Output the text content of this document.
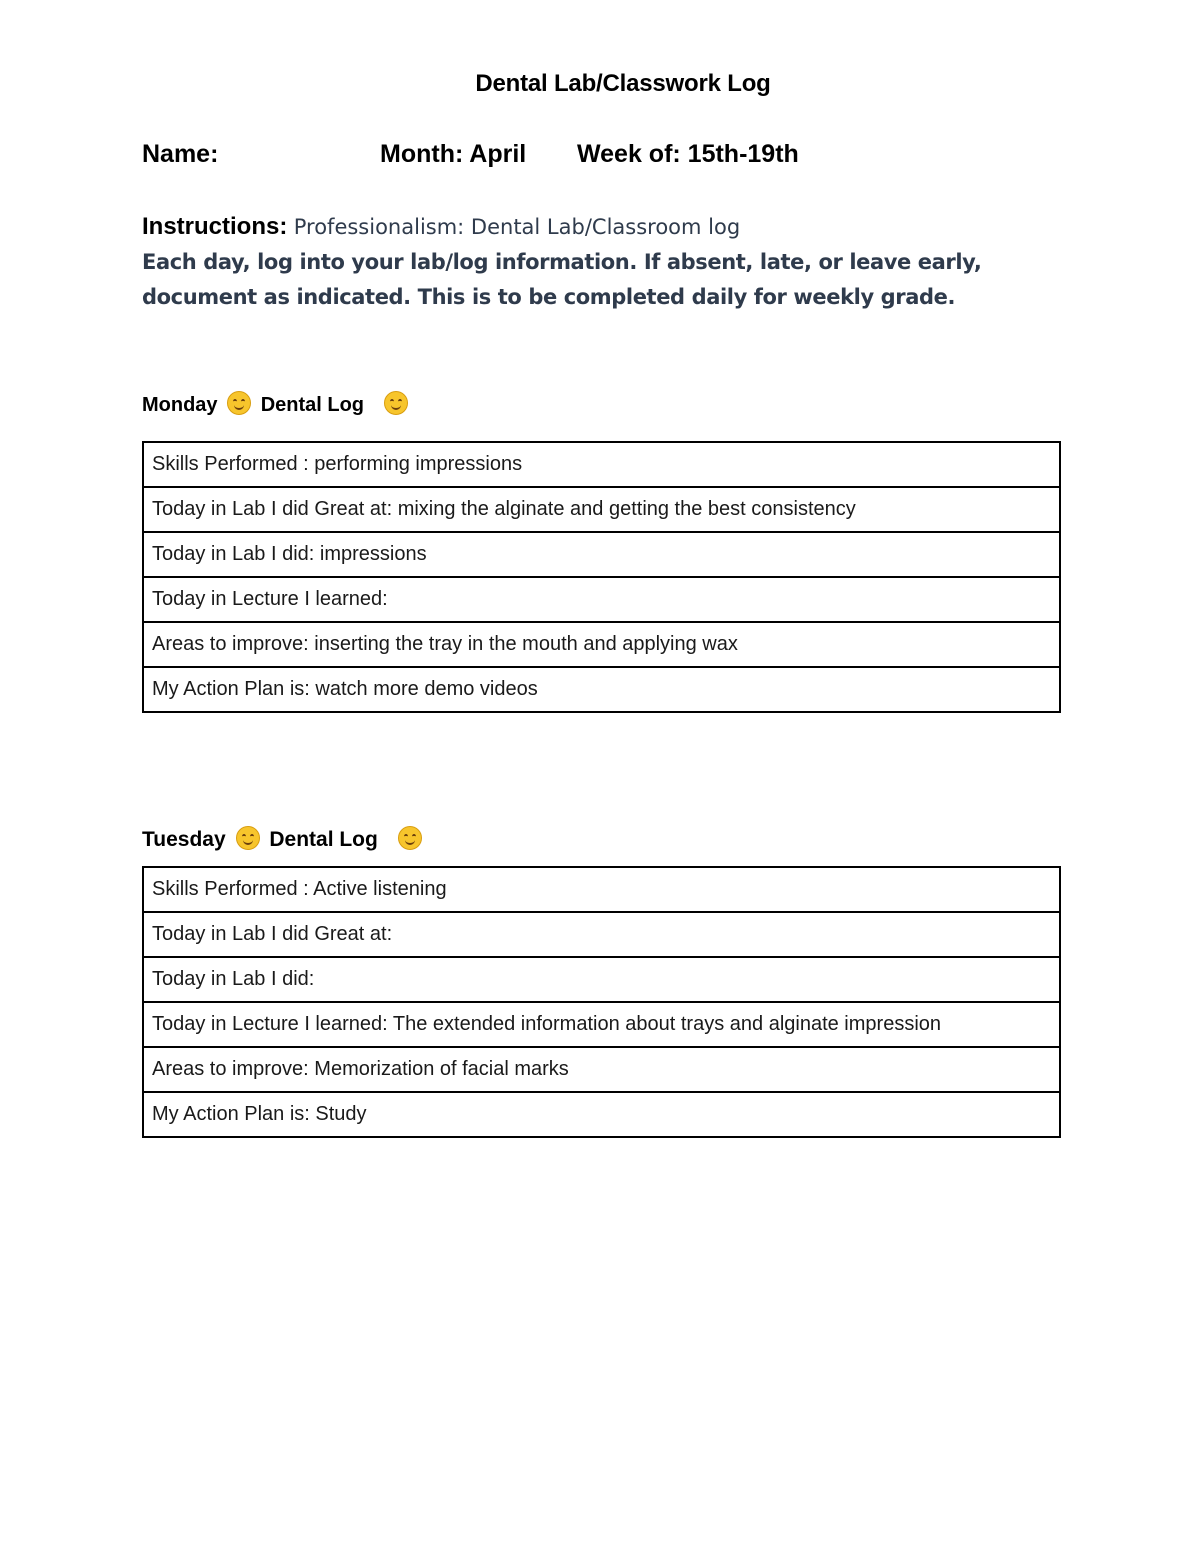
Dental Lab/Classwork Log
Name:	Month: April Week of: 15th-19th
Instructions: Professionalism: Dental Lab/Classroom log
Each day, log into your lab/log information. If absent, late, or leave early,
document as indicated. This is to be completed daily for weekly grade.
Monday Dental Log
Skills Performed : performing impressions
Today in Lab I did Great at: mixing the alginate and getting the best consistency
Today in Lab I did: impressions
Today in Lecture I learned:
Areas to improve: inserting the tray in the mouth and applying wax
My Action Plan is: watch more demo videos
Tuesday Dental Log
Skills Performed : Active listening
Today in Lab I did Great at:
Today in Lab I did:
Today in Lecture I learned: The extended information about trays and alginate impression
Areas to improve: Memorization of facial marks
My Action Plan is: Study
